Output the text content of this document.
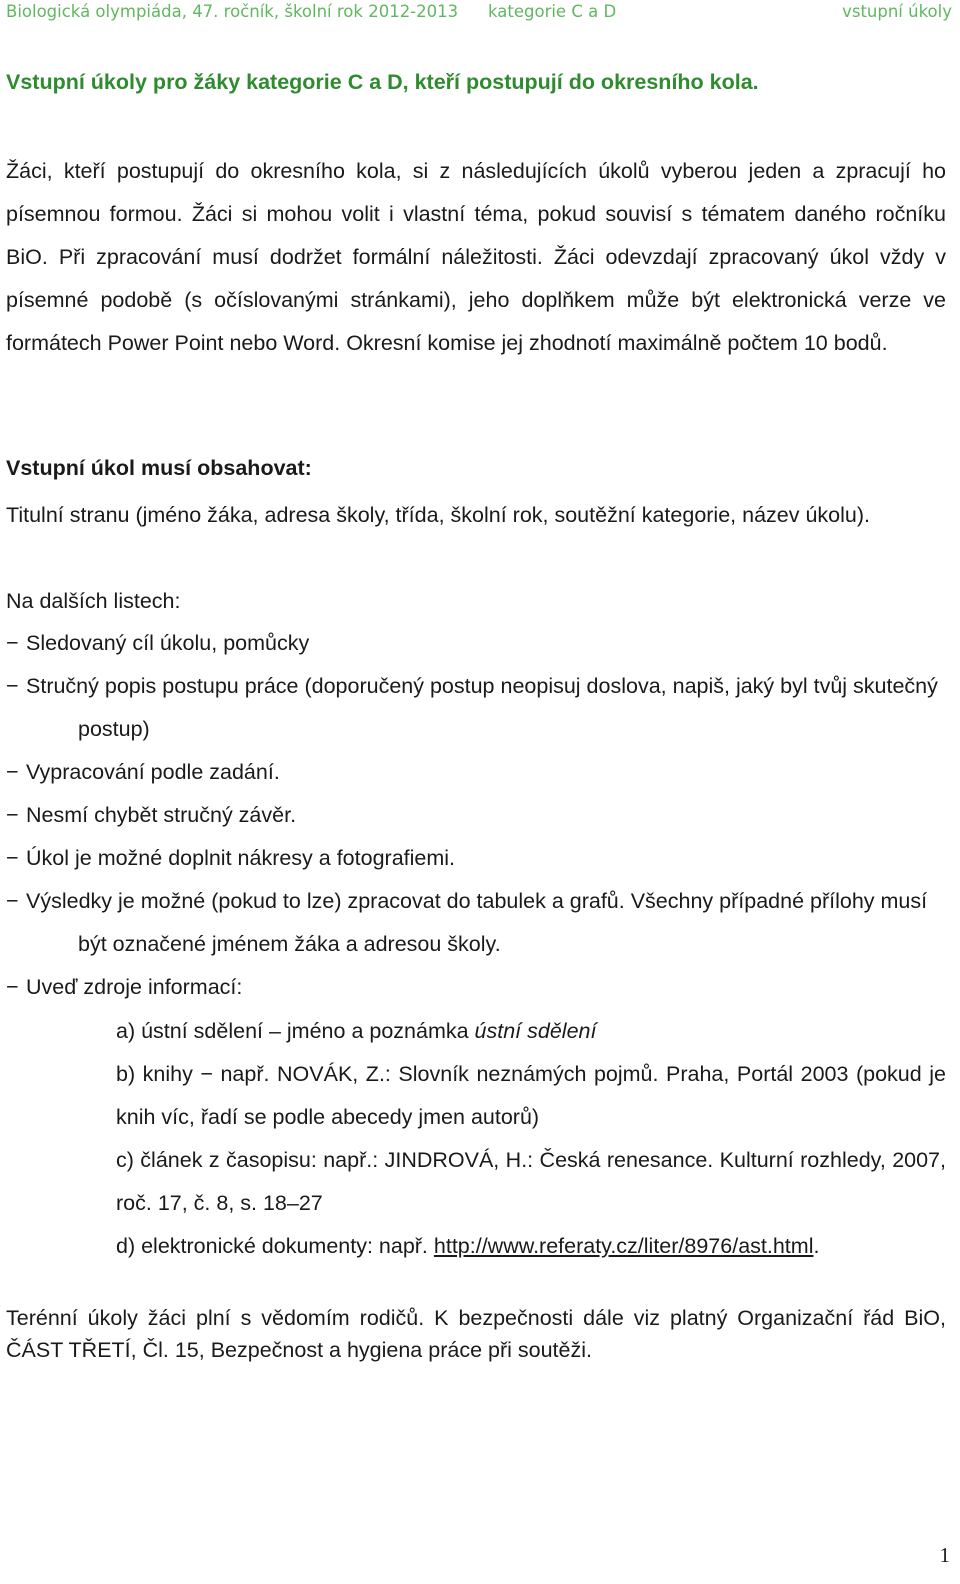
Biologická olympiáda, 47. ročník, školní rok 2012-2013 kategorie C a D	vstupní úkoly
Vstupní úkoly pro žáky kategorie C a D, kteří postupují do okresního kola.

Žáci, kteří postupují do okresního kola, si z následujících úkolů vyberou jeden a zpracují ho písemnou formou. Žáci si mohou volit i vlastní téma, pokud souvisí s tématem daného ročníku BiO. Při zpracování musí dodržet formální náležitosti. Žáci odevzdají zpracovaný úkol vždy v písemné podobě (s očíslovanými stránkami), jeho doplňkem může být elektronická verze ve formátech Power Point nebo Word. Okresní komise jej zhodnotí maximálně počtem 10 bodů.

Vstupní úkol musí obsahovat:

Titulní stranu (jméno žáka, adresa školy, třída, školní rok, soutěžní kategorie, název úkolu).

Na dalších listech:

− Sledovaný cíl úkolu, pomůcky
− Stručný popis postupu práce (doporučený postup neopisuj doslova, napiš, jaký byl tvůj skutečný postup)
− Vypracování podle zadání.
− Nesmí chybět stručný závěr.
− Úkol je možné doplnit nákresy a fotografiemi.
− Výsledky je možné (pokud to lze) zpracovat do tabulek a grafů. Všechny případné přílohy musí být označené jménem žáka a adresou školy.
− Uveď zdroje informací:
a) ústní sdělení – jméno a poznámka ústní sdělení
b) knihy − např. NOVÁK, Z.: Slovník neznámých pojmů. Praha, Portál 2003 (pokud je knih víc, řadí se podle abecedy jmen autorů)
c) článek z časopisu: např.: JINDROVÁ, H.: Česká renesance. Kulturní rozhledy, 2007, roč. 17, č. 8, s. 18–27
d) elektronické dokumenty: např. http://www.referaty.cz/liter/8976/ast.html.

Terénní úkoly žáci plní s vědomím rodičů. K bezpečnosti dále viz platný Organizační řád BiO, ČÁST TŘETÍ, Čl. 15, Bezpečnost a hygiena práce při soutěži.

1
